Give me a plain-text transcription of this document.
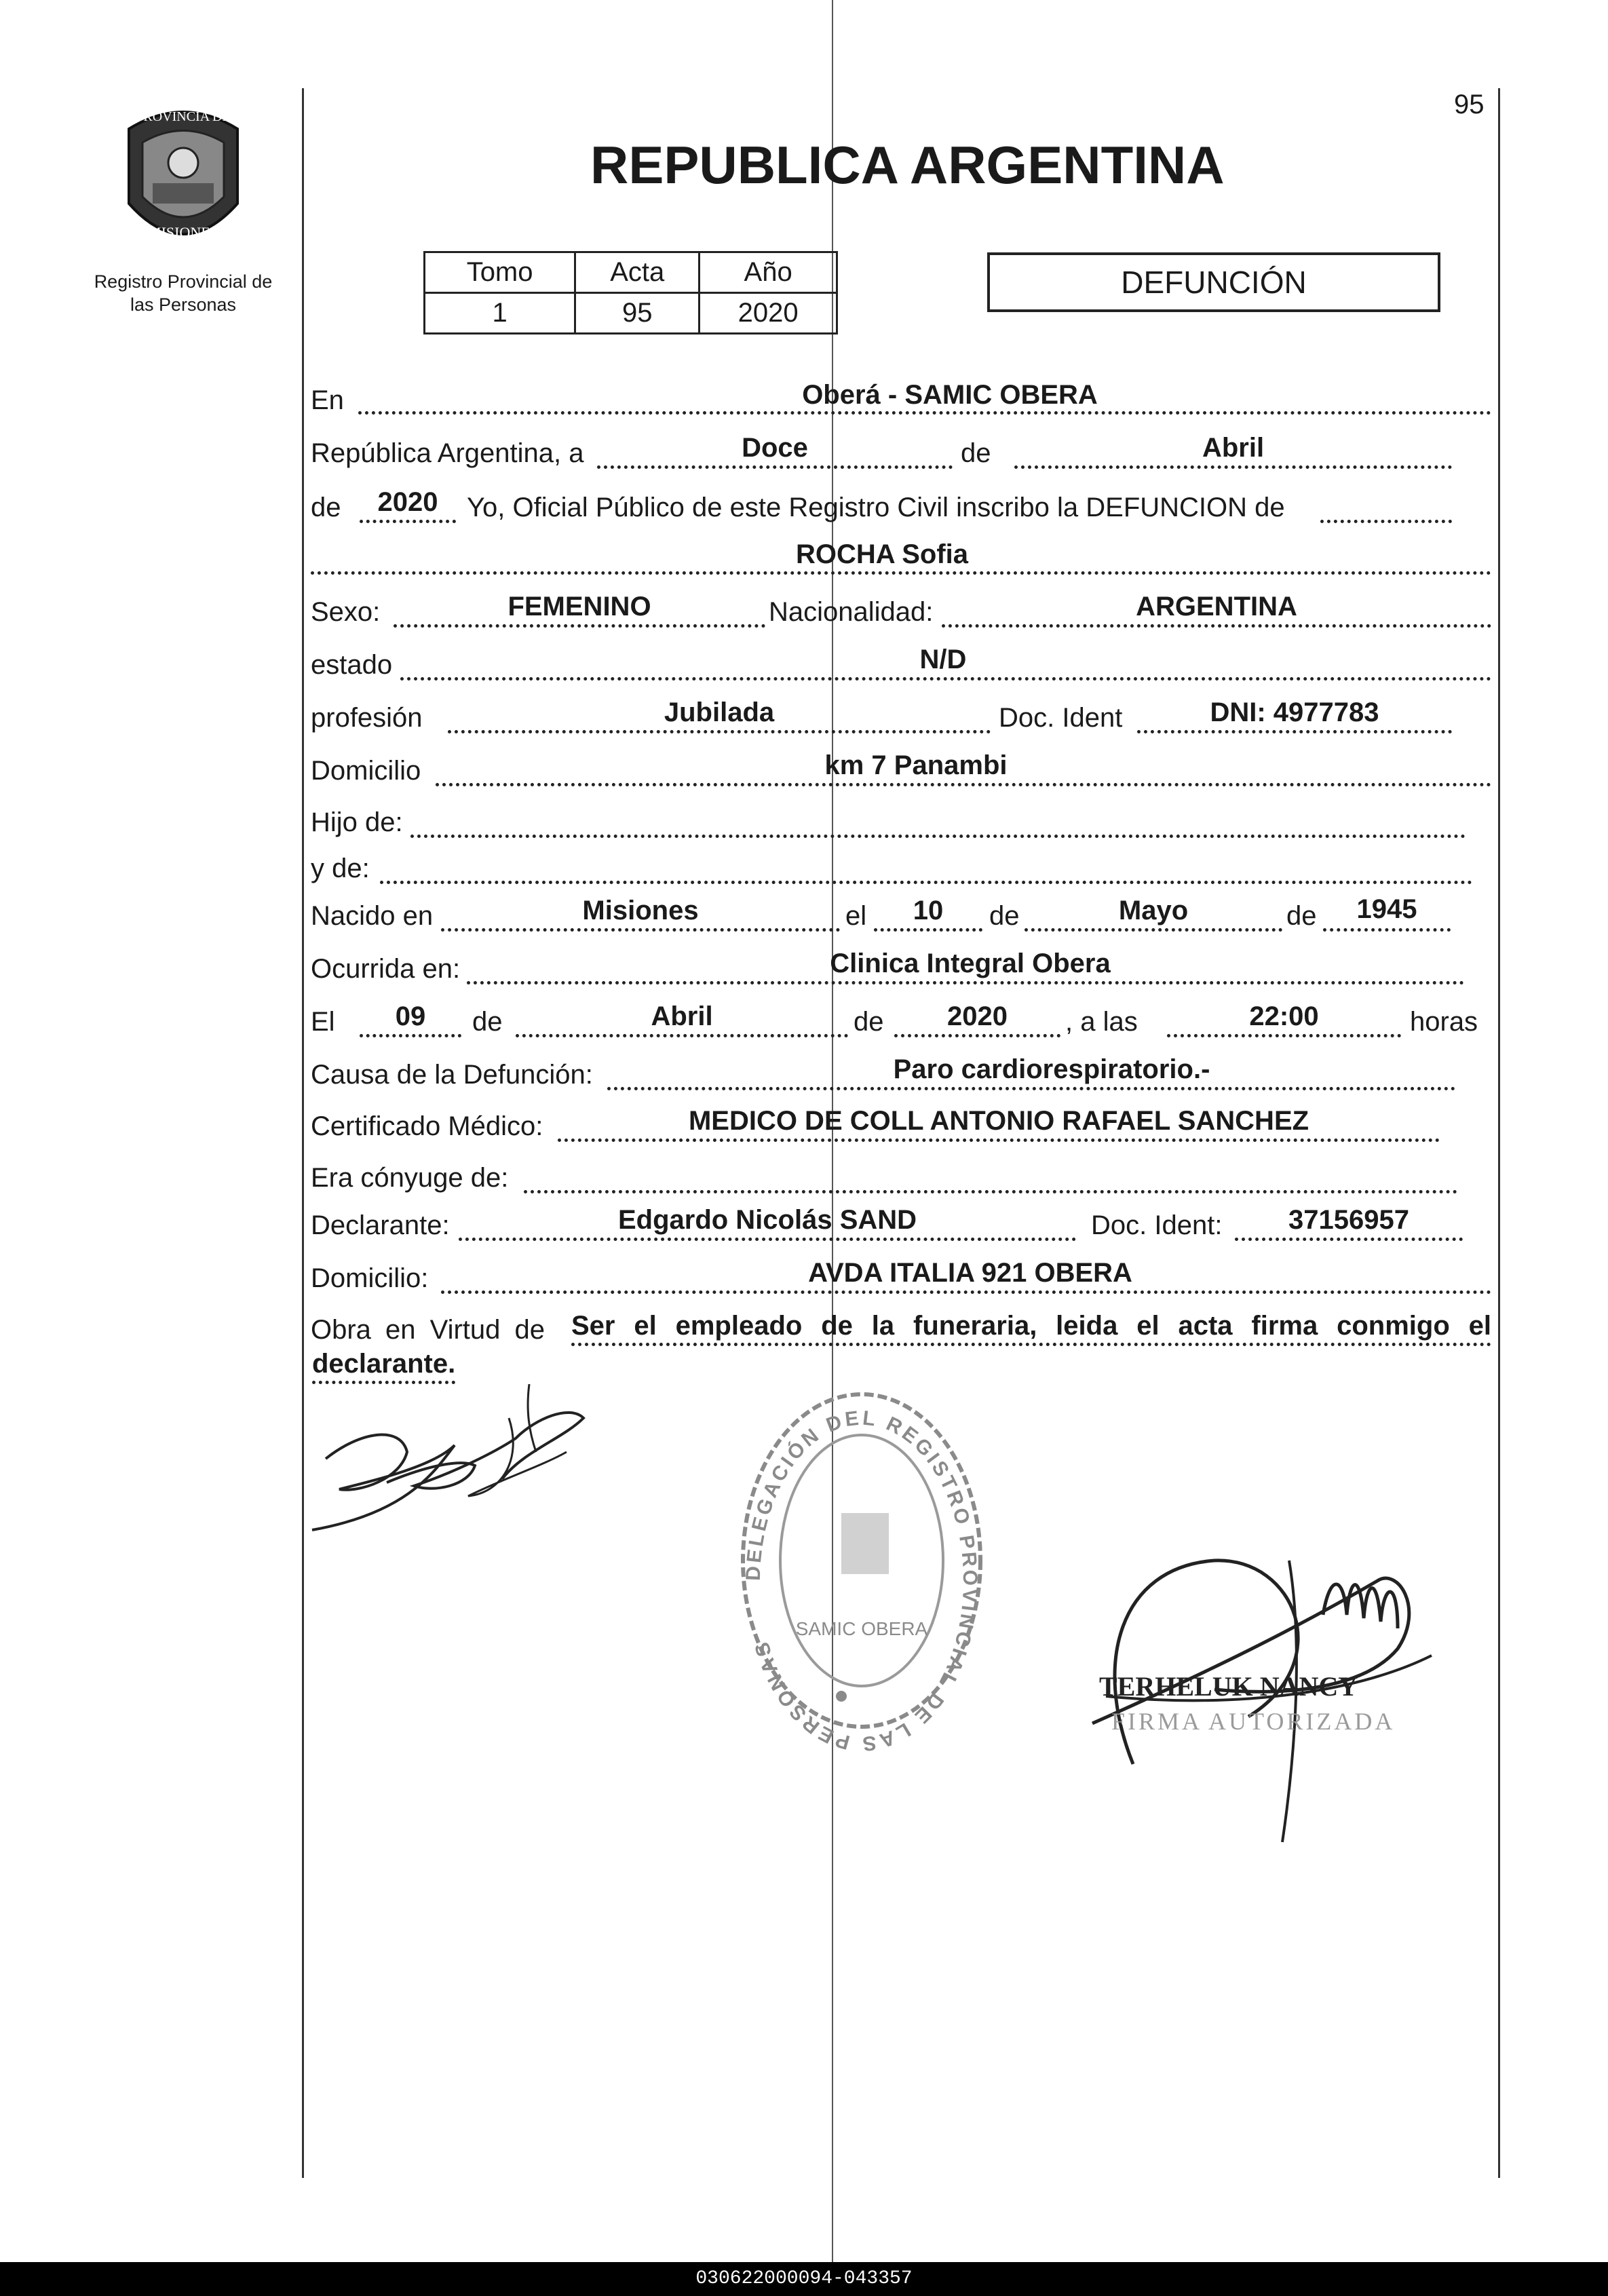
PROVINCIA DE
MISIONES
Registro Provincial de
las Personas
95
REPUBLICA ARGENTINA
Tomo	Acta	Año
1	95	2020
DEFUNCIÓN
En	Oberá - SAMIC OBERA
República Argentina, a	Doce	de	Abril
de	2020	Yo, Oficial Público de este Registro Civil inscribo la DEFUNCION de
ROCHA Sofia
Sexo:	FEMENINO	Nacionalidad:	ARGENTINA
estado	N/D
profesión	Jubilada	Doc. Ident	DNI: 4977783
Domicilio	km 7 Panambi
Hijo de:
y de:
Nacido en	Misiones	el	10	de	Mayo	de	1945
Ocurrida en:	Clinica Integral Obera
El	09	de	Abril	de	2020	, a las	22:00	horas
Causa de la Defunción:	Paro cardiorespiratorio.-
Certificado Médico:	MEDICO DE COLL ANTONIO RAFAEL SANCHEZ
Era cónyuge de:
Declarante:	Edgardo Nicolás SAND	Doc. Ident:	37156957
Domicilio:	AVDA ITALIA 921 OBERA
Obra en Virtud de Ser el empleado de la funeraria, leida el acta firma conmigo el
declarante.
DELEGACIÓN DEL REGISTRO PROVINCIAL DE LAS PERSONAS
SAMIC OBERA
TERHELUK NANCY
FIRMA AUTORIZADA
030622000094-043357
